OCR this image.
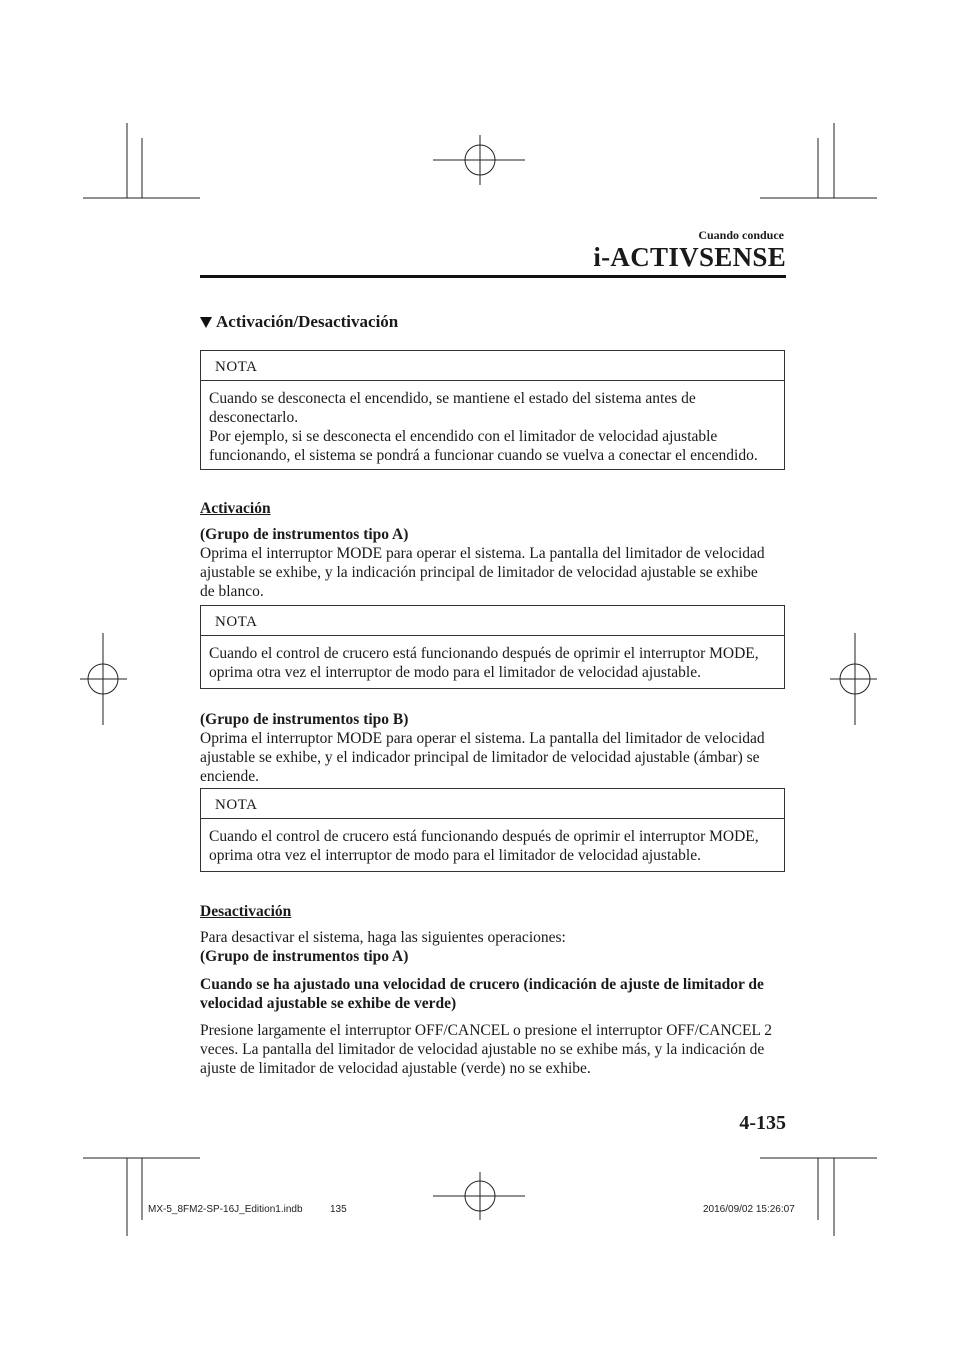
Cuando conduce
i-ACTIVSENSE
Activación/Desactivación
NOTA
Cuando se desconecta el encendido, se mantiene el estado del sistema antes de
desconectarlo.
Por ejemplo, si se desconecta el encendido con el limitador de velocidad ajustable
funcionando, el sistema se pondrá a funcionar cuando se vuelva a conectar el encendido.
Activación
(Grupo de instrumentos tipo A)
Oprima el interruptor MODE para operar el sistema. La pantalla del limitador de velocidad
ajustable se exhibe, y la indicación principal de limitador de velocidad ajustable se exhibe
de blanco.
NOTA
Cuando el control de crucero está funcionando después de oprimir el interruptor MODE,
oprima otra vez el interruptor de modo para el limitador de velocidad ajustable.
(Grupo de instrumentos tipo B)
Oprima el interruptor MODE para operar el sistema. La pantalla del limitador de velocidad
ajustable se exhibe, y el indicador principal de limitador de velocidad ajustable (ámbar) se
enciende.
NOTA
Cuando el control de crucero está funcionando después de oprimir el interruptor MODE,
oprima otra vez el interruptor de modo para el limitador de velocidad ajustable.
Desactivación
Para desactivar el sistema, haga las siguientes operaciones:
(Grupo de instrumentos tipo A)
Cuando se ha ajustado una velocidad de crucero (indicación de ajuste de limitador de
velocidad ajustable se exhibe de verde)
Presione largamente el interruptor OFF/CANCEL o presione el interruptor OFF/CANCEL 2
veces. La pantalla del limitador de velocidad ajustable no se exhibe más, y la indicación de
ajuste de limitador de velocidad ajustable (verde) no se exhibe.
4-135
MX-5_8FM2-SP-16J_Edition1.indb	135	2016/09/02 15:26:07
